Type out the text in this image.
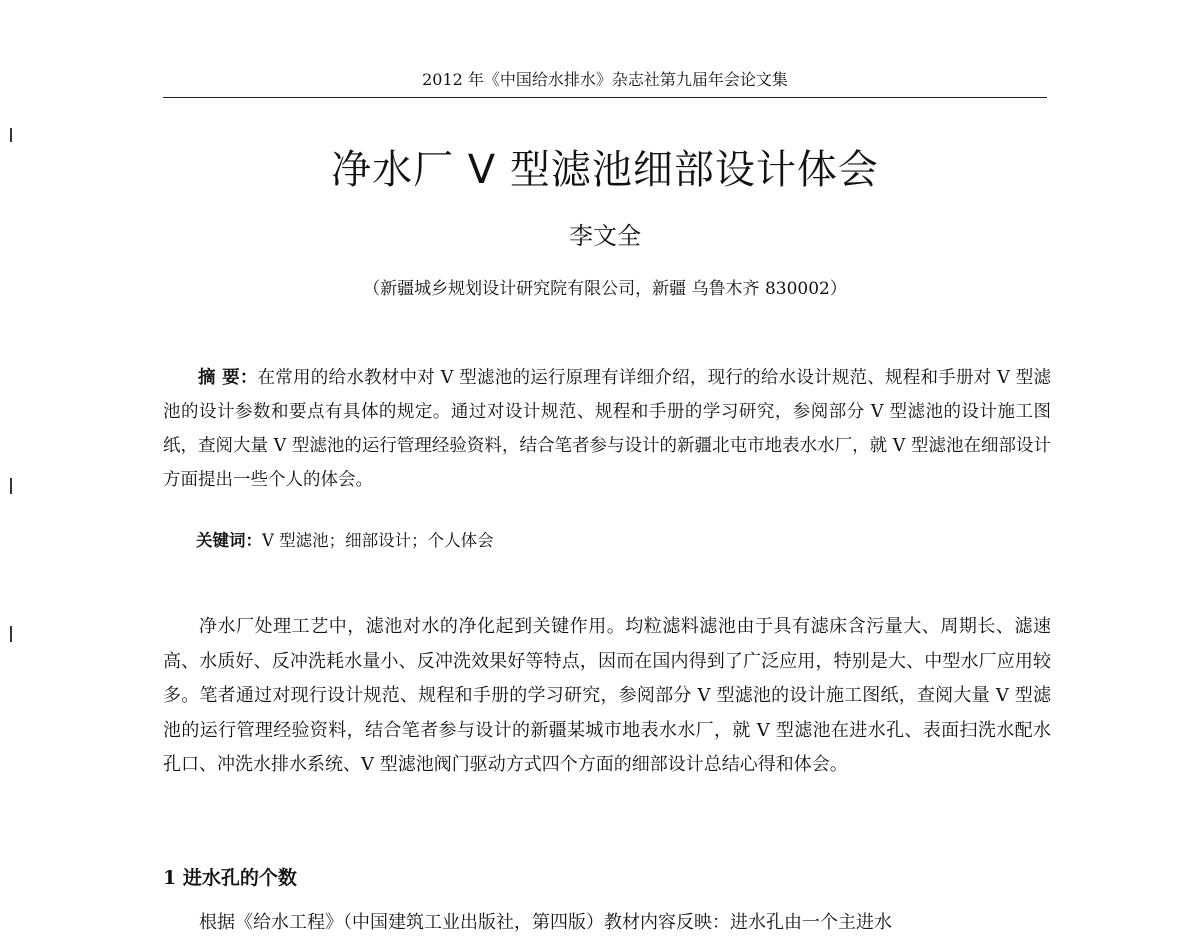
2012 年《中国给水排水》杂志社第九届年会论文集
净水厂 V 型滤池细部设计体会
李文全
（新疆城乡规划设计研究院有限公司，新疆 乌鲁木齐 830002）

摘 要：在常用的给水教材中对 V 型滤池的运行原理有详细介绍，现行的给水设计规范、规程和手册对 V 型滤池的设计参数和要点有具体的规定。通过对设计规范、规程和手册的学习研究，参阅部分 V 型滤池的设计施工图纸，查阅大量 V 型滤池的运行管理经验资料，结合笔者参与设计的新疆北屯市地表水水厂，就 V 型滤池在细部设计方面提出一些个人的体会。

关键词：V 型滤池；细部设计；个人体会

净水厂处理工艺中，滤池对水的净化起到关键作用。均粒滤料滤池由于具有滤床含污量大、周期长、滤速高、水质好、反冲洗耗水量小、反冲洗效果好等特点，因而在国内得到了广泛应用，特别是大、中型水厂应用较多。笔者通过对现行设计规范、规程和手册的学习研究，参阅部分 V 型滤池的设计施工图纸，查阅大量 V 型滤池的运行管理经验资料，结合笔者参与设计的新疆某城市地表水水厂，就 V 型滤池在进水孔、表面扫洗水配水孔口、冲洗水排水系统、V 型滤池阀门驱动方式四个方面的细部设计总结心得和体会。

1 进水孔的个数

根据《给水工程》（中国建筑工业出版社，第四版）教材内容反映：进水孔由一个主进水
